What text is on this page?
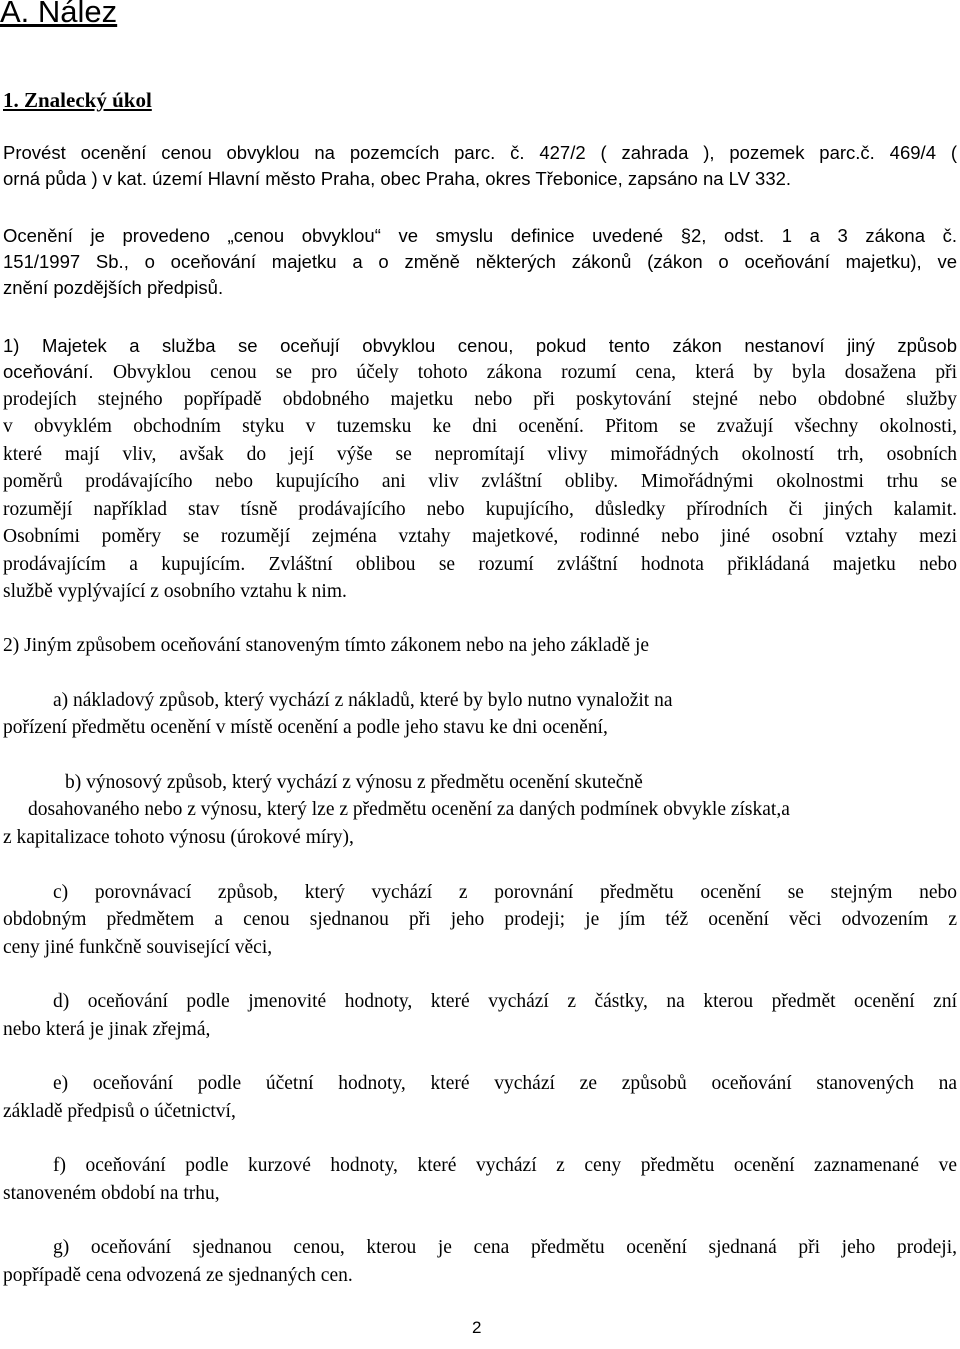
A. Nález
1. Znalecký úkol
Provést ocenění cenou obvyklou na pozemcích parc. č. 427/2 ( zahrada ), pozemek parc.č. 469/4 (
orná půda ) v kat. území Hlavní město Praha, obec Praha, okres Třebonice, zapsáno na LV 332.
Ocenění je provedeno „cenou obvyklou“ ve smyslu definice uvedené §2, odst. 1 a 3 zákona č.
151/1997 Sb., o oceňování majetku a o změně některých zákonů (zákon o oceňování majetku), ve
znění pozdějších předpisů.
1) Majetek a služba se oceňují obvyklou cenou, pokud tento zákon nestanoví jiný způsob
oceňování. Obvyklou cenou se pro účely tohoto zákona rozumí cena, která by byla dosažena při
prodejích stejného popřípadě obdobného majetku nebo při poskytování stejné nebo obdobné služby
v obvyklém obchodním styku v tuzemsku ke dni ocenění. Přitom se zvažují všechny okolnosti,
které mají vliv, avšak do její výše se nepromítají vlivy mimořádných okolností trh, osobních
poměrů prodávajícího nebo kupujícího ani vliv zvláštní obliby. Mimořádnými okolnostmi trhu se
rozumějí například stav tísně prodávajícího nebo kupujícího, důsledky přírodních či jiných kalamit.
Osobními poměry se rozumějí zejména vztahy majetkové, rodinné nebo jiné osobní vztahy mezi
prodávajícím a kupujícím. Zvláštní oblibou se rozumí zvláštní hodnota přikládaná majetku nebo
službě vyplývající z osobního vztahu k nim.
2) Jiným způsobem oceňování stanoveným tímto zákonem nebo na jeho základě je
a) nákladový způsob, který vychází z nákladů, které by bylo nutno vynaložit na
pořízení předmětu ocenění v místě ocenění a podle jeho stavu ke dni ocenění,
b) výnosový způsob, který vychází z výnosu z předmětu ocenění skutečně
dosahovaného nebo z výnosu, který lze z předmětu ocenění za daných podmínek obvykle získat,a
z kapitalizace tohoto výnosu (úrokové míry),
c) porovnávací způsob, který vychází z porovnání předmětu ocenění se stejným nebo
obdobným předmětem a cenou sjednanou při jeho prodeji; je jím též ocenění věci odvozením z
ceny jiné funkčně související věci,
d) oceňování podle jmenovité hodnoty, které vychází z částky, na kterou předmět ocenění zní
nebo která je jinak zřejmá,
e) oceňování podle účetní hodnoty, které vychází ze způsobů oceňování stanovených na
základě předpisů o účetnictví,
f) oceňování podle kurzové hodnoty, které vychází z ceny předmětu ocenění zaznamenané ve
stanoveném období na trhu,
g) oceňování sjednanou cenou, kterou je cena předmětu ocenění sjednaná při jeho prodeji,
popřípadě cena odvozená ze sjednaných cen.
2
